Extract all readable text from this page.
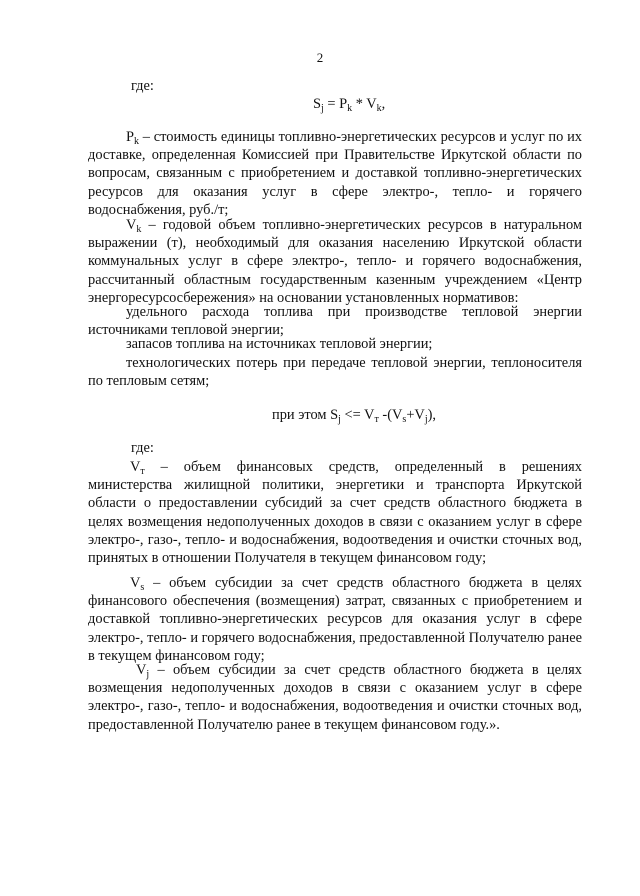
2
где:
$S_j = P_k * V_k$,

$P_k$ – стоимость единицы топливно-энергетических ресурсов и услуг по их доставке, определенная Комиссией при Правительстве Иркутской области по вопросам, связанным с приобретением и доставкой топливно-энергетических ресурсов для оказания услуг в сфере электро-, тепло- и горячего водоснабжения, руб./т;

$V_k$ – годовой объем топливно-энергетических ресурсов в натуральном выражении (т), необходимый для оказания населению Иркутской области коммунальных услуг в сфере электро-, тепло- и горячего водоснабжения, рассчитанный областным государственным казенным учреждением «Центр энергоресурсосбережения» на основании установленных нормативов:

удельного расхода топлива при производстве тепловой энергии источниками тепловой энергии;

запасов топлива на источниках тепловой энергии;

технологических потерь при передаче тепловой энергии, теплоносителя по тепловым сетям;

при этом $S_j <= V_т$ $-(V_s+V_j)$,
где:

$V_т$ – объем финансовых средств, определенный в решениях министерства жилищной политики, энергетики и транспорта Иркутской области о предоставлении субсидий за счет средств областного бюджета в целях возмещения недополученных доходов в связи с оказанием услуг в сфере электро-, газо-, тепло- и водоснабжения, водоотведения и очистки сточных вод, принятых в отношении Получателя в текущем финансовом году;

$V_s$ – объем субсидии за счет средств областного бюджета в целях финансового обеспечения (возмещения) затрат, связанных с приобретением и доставкой топливно-энергетических ресурсов для оказания услуг в сфере электро-, тепло- и горячего водоснабжения, предоставленной Получателю ранее в текущем финансовом году;

$V_j$ – объем субсидии за счет средств областного бюджета в целях возмещения недополученных доходов в связи с оказанием услуг в сфере электро-, газо-, тепло- и водоснабжения, водоотведения и очистки сточных вод, предоставленной Получателю ранее в текущем финансовом году.».
